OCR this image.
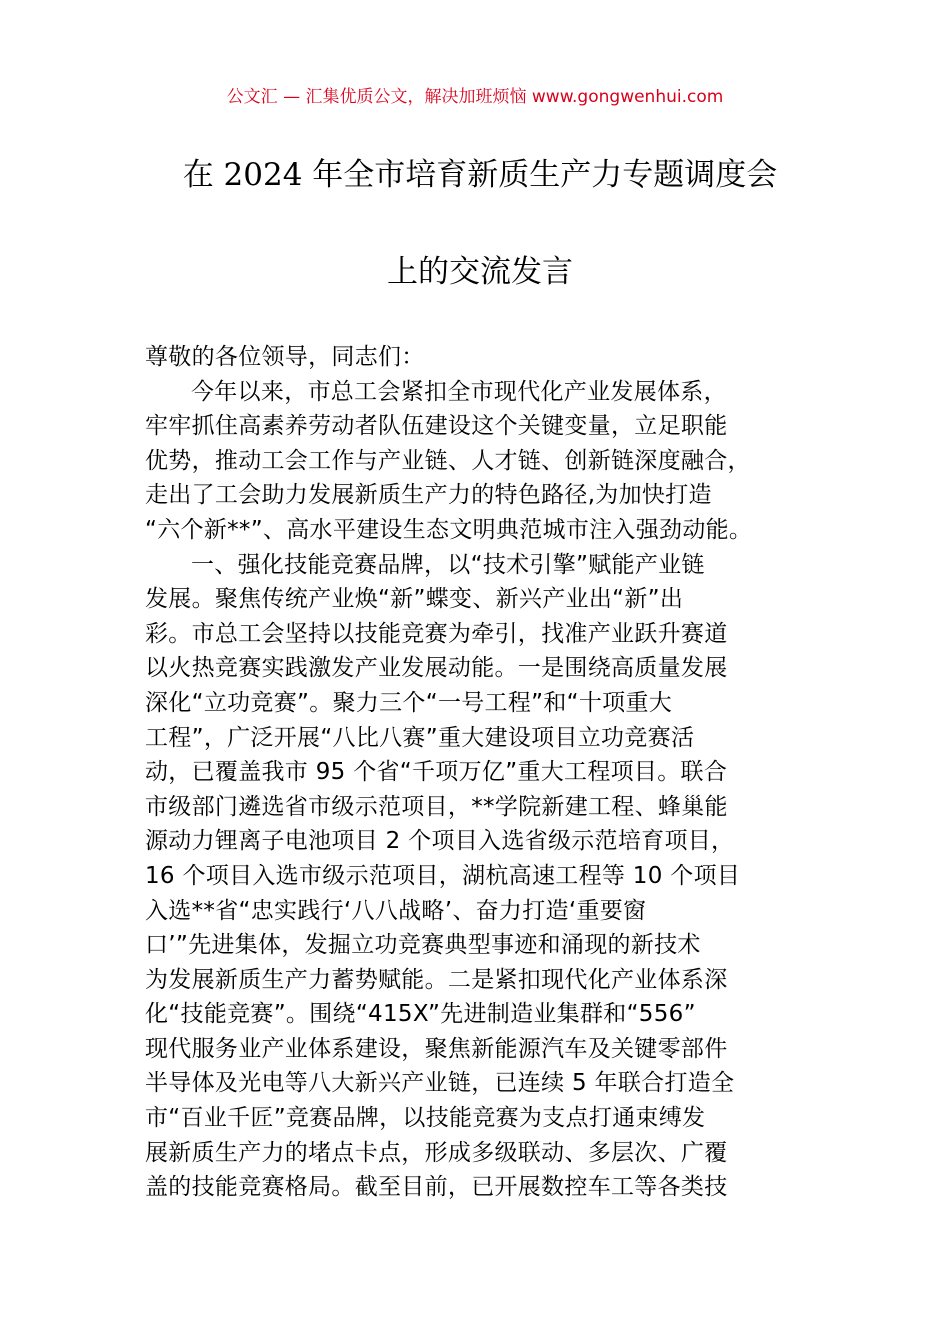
公文汇 — 汇集优质公文，解决加班烦恼 www.gongwenhui.com
在 2024 年全市培育新质生产力专题调度会
上的交流发言
尊敬的各位领导，同志们：
今年以来，市总工会紧扣全市现代化产业发展体系，
牢牢抓住高素养劳动者队伍建设这个关键变量，立足职能
优势，推动工会工作与产业链、人才链、创新链深度融合，
走出了工会助力发展新质生产力的特色路径,为加快打造
“六个新**”、高水平建设生态文明典范城市注入强劲动能。
一、强化技能竞赛品牌，以“技术引擎”赋能产业链
发展。聚焦传统产业焕“新”蝶变、新兴产业出“新”出
彩。市总工会坚持以技能竞赛为牵引，找准产业跃升赛道
以火热竞赛实践激发产业发展动能。一是围绕高质量发展
深化“立功竞赛”。聚力三个“一号工程”和“十项重大
工程”，广泛开展“八比八赛”重大建设项目立功竞赛活
动，已覆盖我市 95 个省“千项万亿”重大工程项目。联合
市级部门遴选省市级示范项目，**学院新建工程、蜂巢能
源动力锂离子电池项目 2 个项目入选省级示范培育项目，
16 个项目入选市级示范项目，湖杭高速工程等 10 个项目
入选**省“忠实践行‘八八战略’、奋力打造‘重要窗
口’”先进集体，发掘立功竞赛典型事迹和涌现的新技术
为发展新质生产力蓄势赋能。二是紧扣现代化产业体系深
化“技能竞赛”。围绕“415X”先进制造业集群和“556”
现代服务业产业体系建设，聚焦新能源汽车及关键零部件
半导体及光电等八大新兴产业链，已连续 5 年联合打造全
市“百业千匠”竞赛品牌，以技能竞赛为支点打通束缚发
展新质生产力的堵点卡点，形成多级联动、多层次、广覆
盖的技能竞赛格局。截至目前，已开展数控车工等各类技
